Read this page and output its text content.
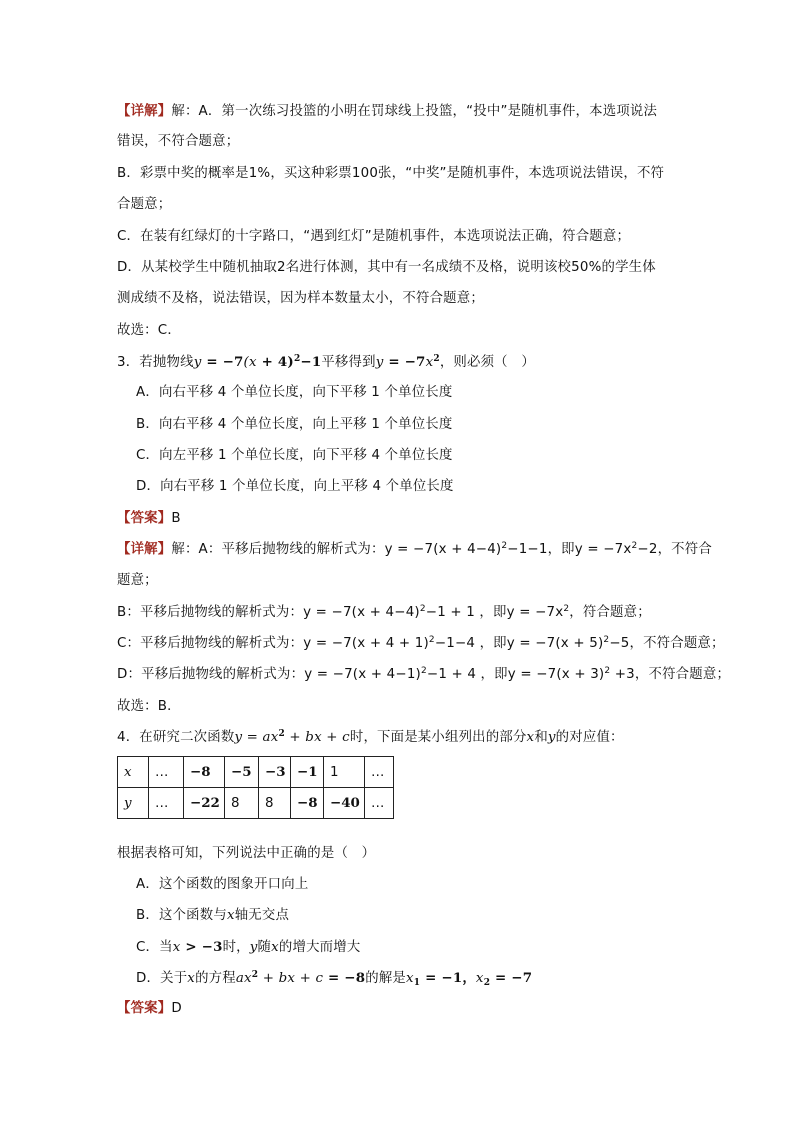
【详解】解：A．第一次练习投篮的小明在罚球线上投篮，“投中”是随机事件，本选项说法
错误，不符合题意；
B．彩票中奖的概率是1%，买这种彩票100张，“中奖”是随机事件，本选项说法错误，不符
合题意；
C．在装有红绿灯的十字路口，“遇到红灯”是随机事件，本选项说法正确，符合题意；
D．从某校学生中随机抽取2名进行体测，其中有一名成绩不及格，说明该校50%的学生体
测成绩不及格，说法错误，因为样本数量太小，不符合题意；
故选：C．
3．若抛物线$y = -7(x + 4)^2-1$平移得到$y = -7x^2$，则必须（　）
A．向右平移 4 个单位长度，向下平移 1 个单位长度
B．向右平移 4 个单位长度，向上平移 1 个单位长度
C．向左平移 1 个单位长度，向下平移 4 个单位长度
D．向右平移 1 个单位长度，向上平移 4 个单位长度
【答案】B
【详解】解：A：平移后抛物线的解析式为：$y = -7(x + 4-4)^2-1-1$，即$y = -7x^2-2$，不符合
题意；
B：平移后抛物线的解析式为：$y = -7(x + 4-4)^2-1 + 1$ ，即$y = -7x^2$，符合题意；
C：平移后抛物线的解析式为：$y = -7(x + 4 + 1)^2-1-4$ ，即$y = -7(x + 5)^2-5$，不符合题意；
D：平移后抛物线的解析式为：$y = -7(x + 4-1)^2-1 + 4$ ，即$y = -7(x + 3)^2 +3$，不符合题意；
故选：B．
4．在研究二次函数$y = ax^2$ + bx + c时，下面是某小组列出的部分x和y的对应值：
x	…	−8	−5	−3	−1	1	…
y	…	−22	8	8	−8	−40	…
根据表格可知，下列说法中正确的是（　）
A．这个函数的图象开口向上
B．这个函数与x轴无交点
C．当x > −3时，y随x的增大而增大
D．关于x的方程$ax^2$ + bx + c = −8的解是$x_1 = -1$，$x_2 = -7$
【答案】D
